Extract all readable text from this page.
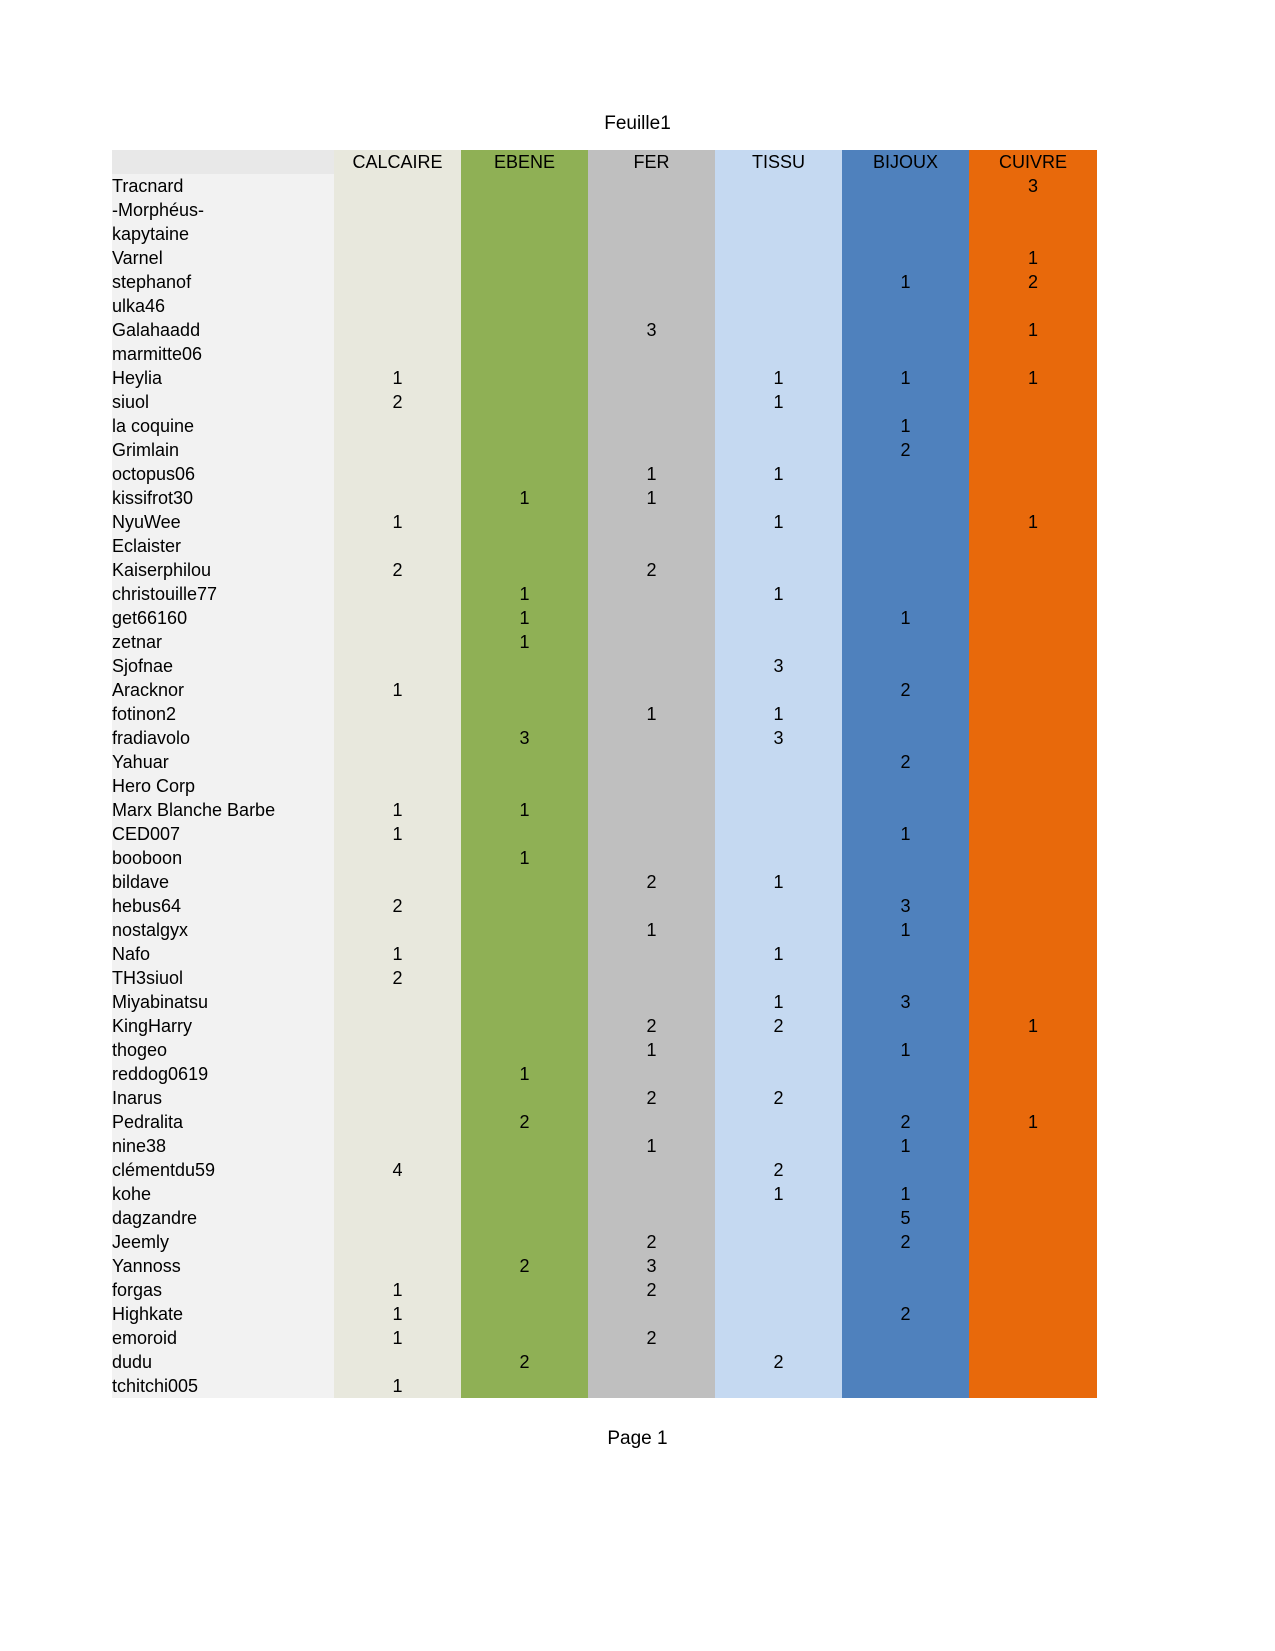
Feuille1
	CALCAIRE	EBENE	FER	TISSU	BIJOUX	CUIVRE
Tracnard						3
-Morphéus-						
kapytaine						
Varnel						1
stephanof					1	2
ulka46						
Galahaadd			3			1
marmitte06						
Heylia	1			1	1	1
siuol	2			1		
la coquine					1	
Grimlain					2	
octopus06			1	1		
kissifrot30		1	1			
NyuWee	1			1		1
Eclaister						
Kaiserphilou	2		2			
christouille77		1		1		
get66160		1			1	
zetnar		1				
Sjofnae				3		
Aracknor	1				2	
fotinon2			1	1		
fradiavolo		3		3		
Yahuar					2	
Hero Corp						
Marx Blanche Barbe	1	1				
CED007	1				1	
booboon		1				
bildave			2	1		
hebus64	2				3	
nostalgyx			1		1	
Nafo	1			1		
TH3siuol	2					
Miyabinatsu				1	3	
KingHarry			2	2		1
thogeo			1		1	
reddog0619		1				
Inarus			2	2		
Pedralita		2			2	1
nine38			1		1	
clémentdu59	4			2		
kohe				1	1	
dagzandre					5	
Jeemly			2		2	
Yannoss		2	3			
forgas	1		2			
Highkate	1				2	
emoroid	1		2			
dudu		2		2		
tchitchi005	1					
Page 1
